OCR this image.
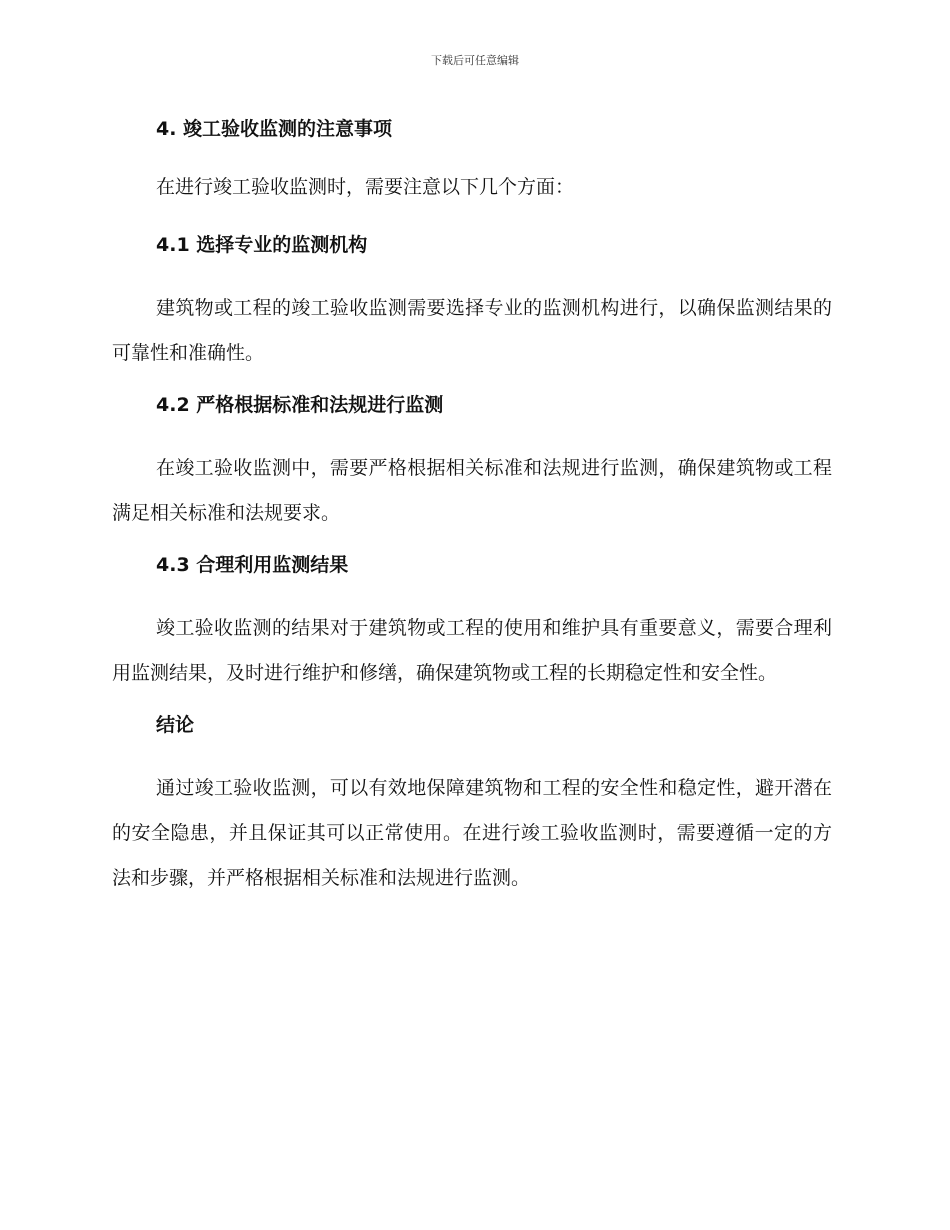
下载后可任意编辑
4. 竣工验收监测的注意事项
在进行竣工验收监测时，需要注意以下几个方面：
4.1 选择专业的监测机构
建筑物或工程的竣工验收监测需要选择专业的监测机构进行，以确保监测结果的可靠性和准确性。
4.2 严格根据标准和法规进行监测
在竣工验收监测中，需要严格根据相关标准和法规进行监测，确保建筑物或工程满足相关标准和法规要求。
4.3 合理利用监测结果
竣工验收监测的结果对于建筑物或工程的使用和维护具有重要意义，需要合理利用监测结果，及时进行维护和修缮，确保建筑物或工程的长期稳定性和安全性。
结论
通过竣工验收监测，可以有效地保障建筑物和工程的安全性和稳定性，避开潜在的安全隐患，并且保证其可以正常使用。在进行竣工验收监测时，需要遵循一定的方法和步骤，并严格根据相关标准和法规进行监测。
